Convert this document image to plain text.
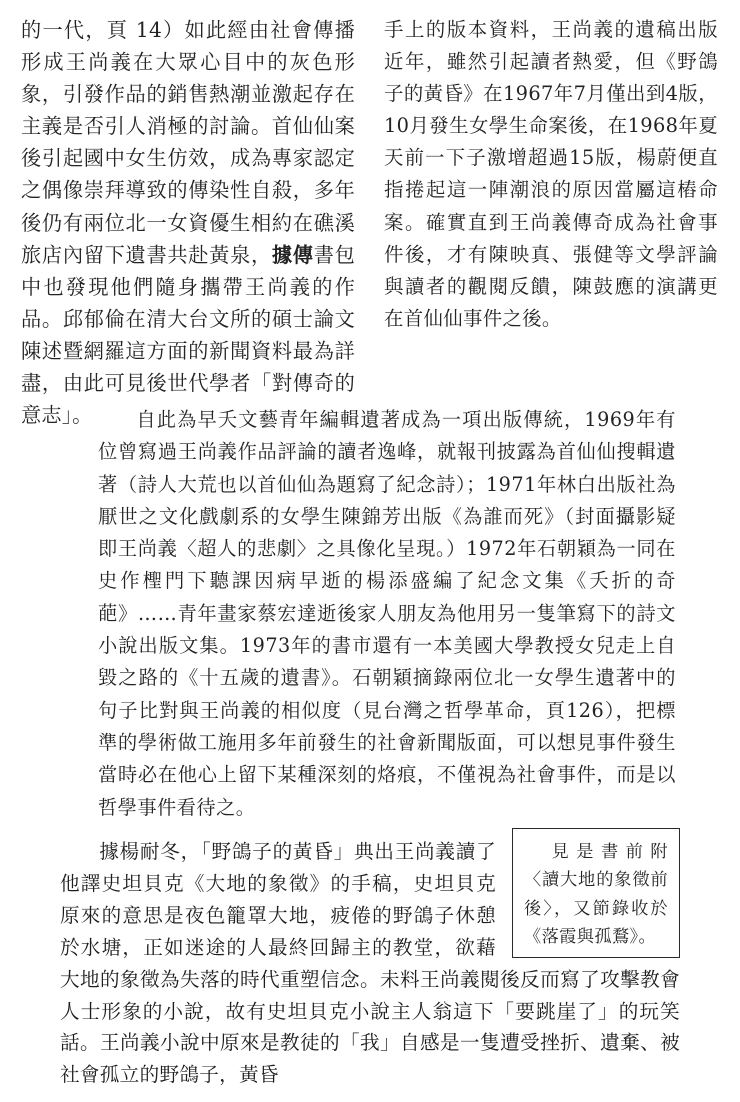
的一代，頁 14）如此經由社會傳播形成王尚義在大眾心目中的灰色形象，引發作品的銷售熱潮並激起存在主義是否引人消極的討論。首仙仙案後引起國中女生仿效，成為專家認定之偶像崇拜導致的傳染性自殺，多年後仍有兩位北一女資優生相約在礁溪旅店內留下遺書共赴黃泉，據傳書包中也發現他們隨身攜帶王尚義的作品。邱郁倫在清大台文所的碩士論文陳述暨網羅這方面的新聞資料最為詳盡，由此可見後世代學者「對傳奇的意志」。
手上的版本資料，王尚義的遺稿出版近年，雖然引起讀者熱愛，但《野鴿子的黃昏》在1967年7月僅出到4版，10月發生女學生命案後，在1968年夏天前一下子激增超過15版，楊蔚便直指捲起這一陣潮浪的原因當屬這樁命案。確實直到王尚義傳奇成為社會事件後，才有陳映真、張健等文學評論與讀者的觀閱反饋，陳鼓應的演講更在首仙仙事件之後。
自此為早夭文藝青年編輯遺著成為一項出版傳統，1969年有位曾寫過王尚義作品評論的讀者逸峰，就報刊披露為首仙仙搜輯遺著（詩人大荒也以首仙仙為題寫了紀念詩）；1971年林白出版社為厭世之文化戲劇系的女學生陳錦芳出版《為誰而死》（封面攝影疑即王尚義〈超人的悲劇〉之具像化呈現。）1972年石朝穎為一同在史作檉門下聽課因病早逝的楊添盛編了紀念文集《夭折的奇葩》……青年畫家蔡宏達逝後家人朋友為他用另一隻筆寫下的詩文小說出版文集。1973年的書市還有一本美國大學教授女兒走上自毀之路的《十五歲的遺書》。石朝穎摘錄兩位北一女學生遺著中的句子比對與王尚義的相似度（見台灣之哲學革命，頁126），把標準的學術做工施用多年前發生的社會新聞版面，可以想見事件發生當時必在他心上留下某種深刻的烙痕，不僅視為社會事件，而是以哲學事件看待之。
見是書前附〈讀大地的象徵前後〉，又節錄收於《落霞與孤鶩》。
據楊耐冬，「野鴿子的黃昏」典出王尚義讀了他譯史坦貝克《大地的象徵》的手稿，史坦貝克原來的意思是夜色籠罩大地，疲倦的野鴿子休憩於水塘，正如迷途的人最終回歸主的教堂，欲藉大地的象徵為失落的時代重塑信念。未料王尚義閱後反而寫了攻擊教會人士形象的小說，故有史坦貝克小說主人翁這下「要跳崖了」的玩笑話。王尚義小說中原來是教徒的「我」自感是一隻遭受挫折、遺棄、被社會孤立的野鴿子，黃昏
